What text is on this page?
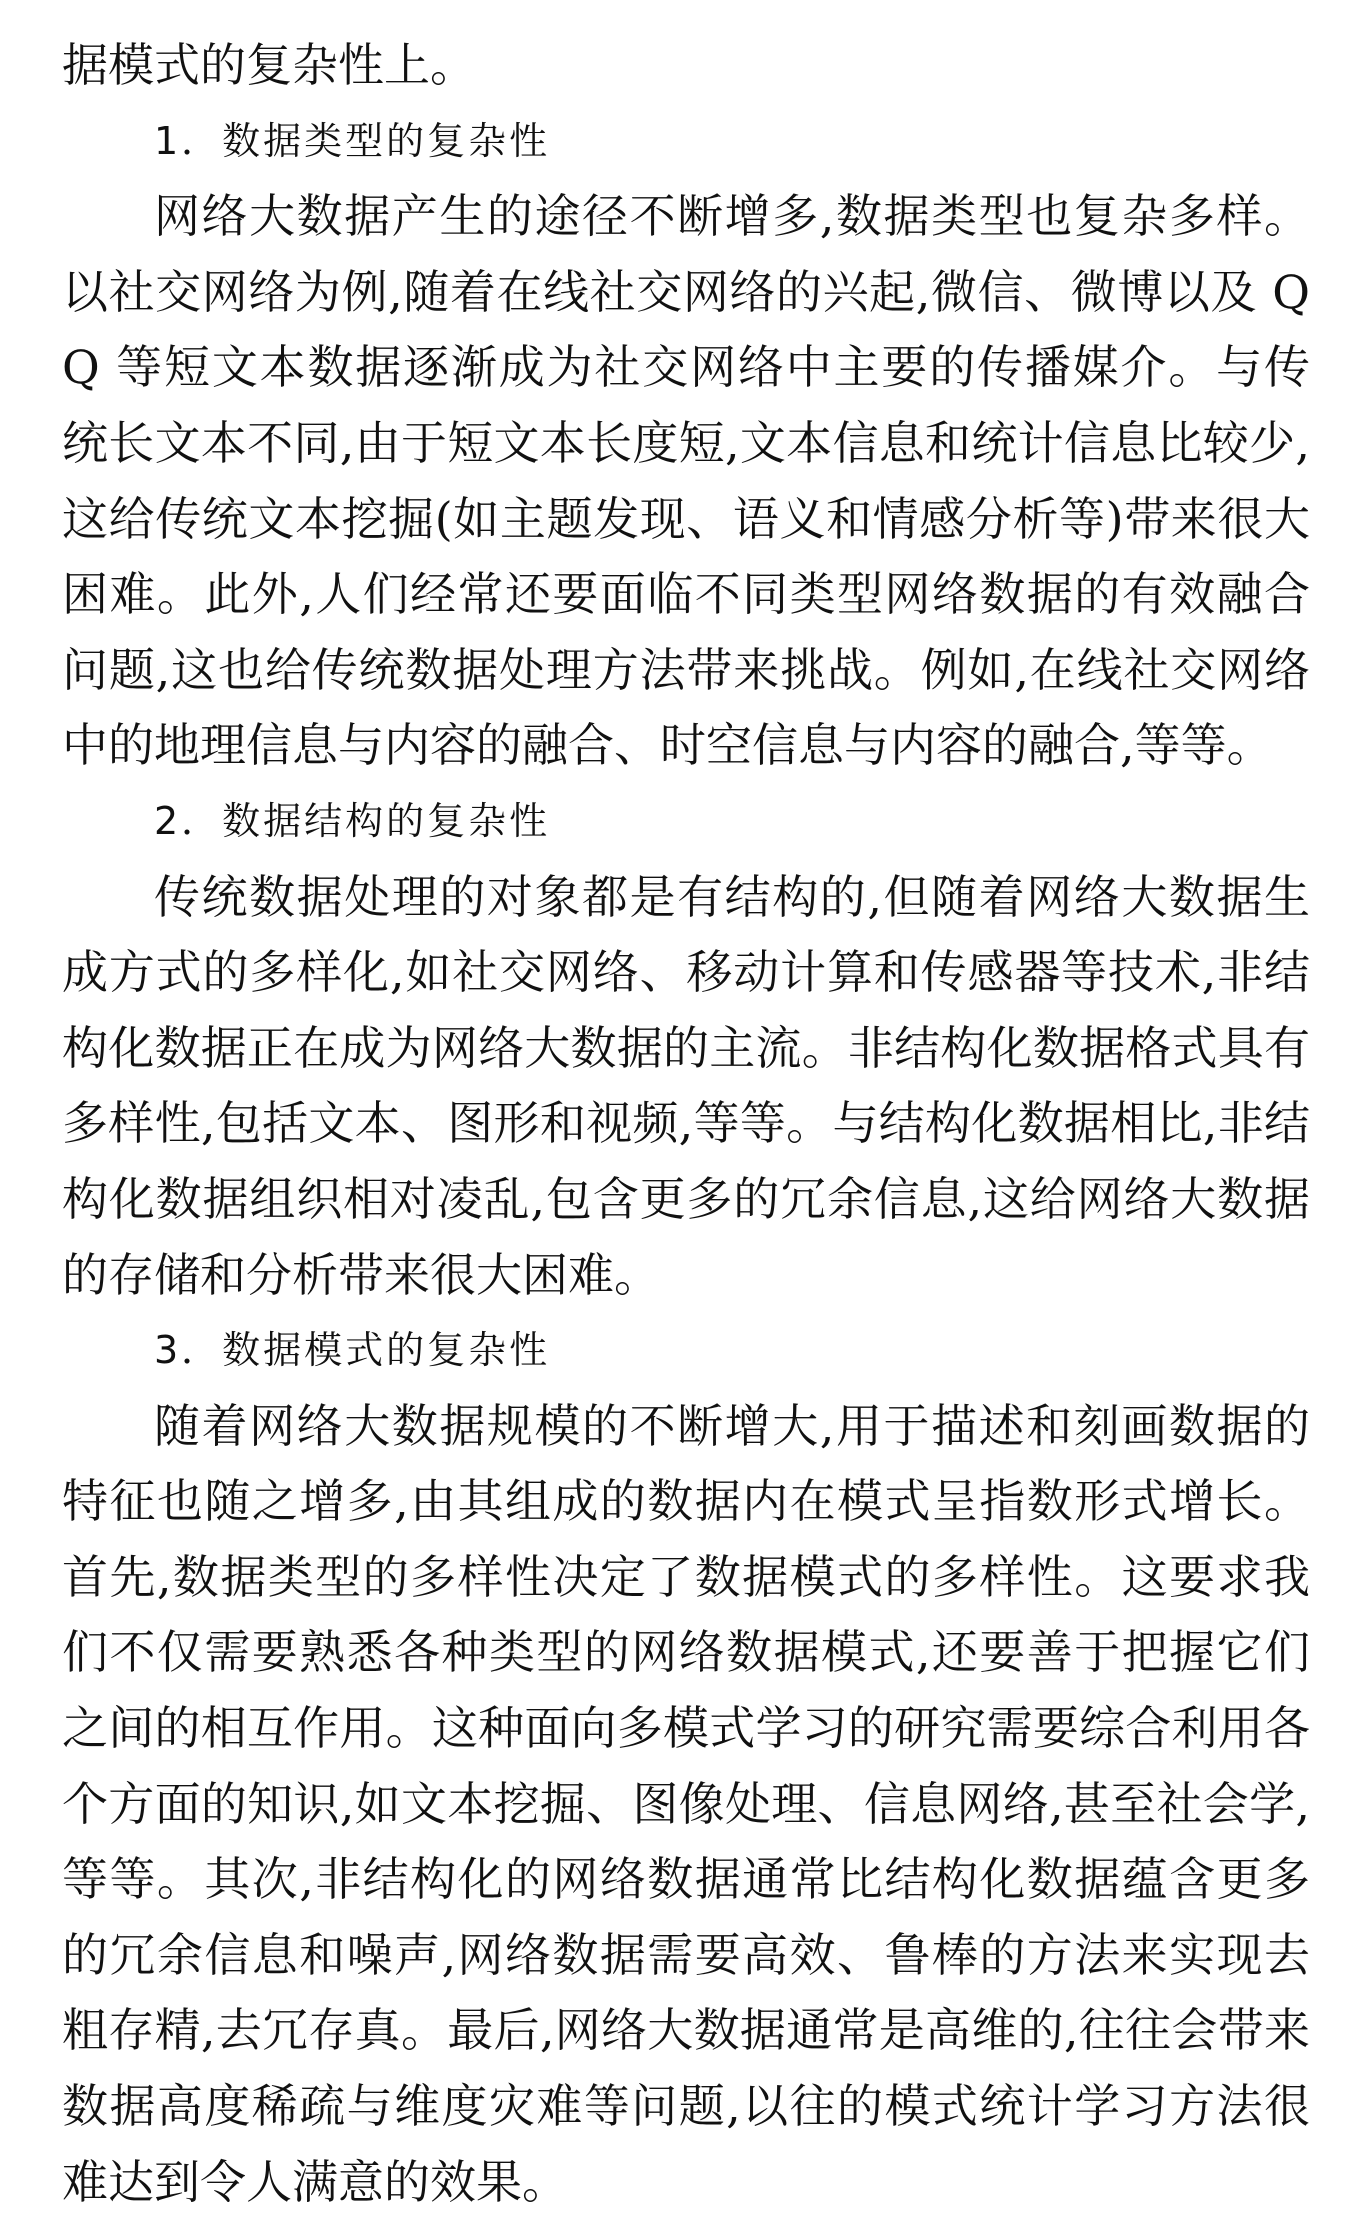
据模式的复杂性上。

1．数据类型的复杂性

网络大数据产生的途径不断增多,数据类型也复杂多样。以社交网络为例,随着在线社交网络的兴起,微信、微博以及 QQ 等短文本数据逐渐成为社交网络中主要的传播媒介。与传统长文本不同,由于短文本长度短,文本信息和统计信息比较少,这给传统文本挖掘(如主题发现、语义和情感分析等)带来很大困难。此外,人们经常还要面临不同类型网络数据的有效融合问题,这也给传统数据处理方法带来挑战。例如,在线社交网络中的地理信息与内容的融合、时空信息与内容的融合,等等。

2．数据结构的复杂性

传统数据处理的对象都是有结构的,但随着网络大数据生成方式的多样化,如社交网络、移动计算和传感器等技术,非结构化数据正在成为网络大数据的主流。非结构化数据格式具有多样性,包括文本、图形和视频,等等。与结构化数据相比,非结构化数据组织相对凌乱,包含更多的冗余信息,这给网络大数据的存储和分析带来很大困难。

3．数据模式的复杂性

随着网络大数据规模的不断增大,用于描述和刻画数据的特征也随之增多,由其组成的数据内在模式呈指数形式增长。首先,数据类型的多样性决定了数据模式的多样性。这要求我们不仅需要熟悉各种类型的网络数据模式,还要善于把握它们之间的相互作用。这种面向多模式学习的研究需要综合利用各个方面的知识,如文本挖掘、图像处理、信息网络,甚至社会学,等等。其次,非结构化的网络数据通常比结构化数据蕴含更多的冗余信息和噪声,网络数据需要高效、鲁棒的方法来实现去粗存精,去冗存真。最后,网络大数据通常是高维的,往往会带来数据高度稀疏与维度灾难等问题,以往的模式统计学习方法很难达到令人满意的效果。
